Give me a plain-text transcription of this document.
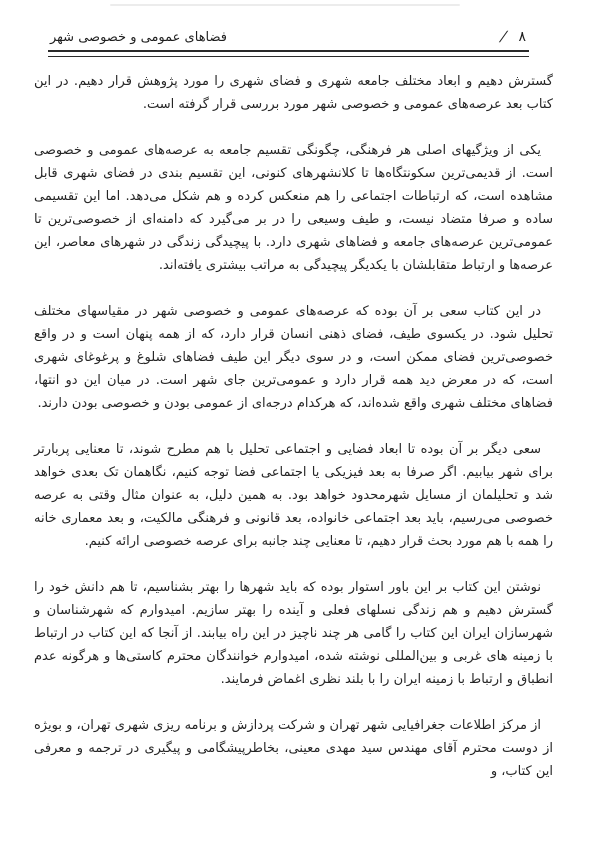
فضاهای عمومی و خصوصی شهر	/ ۸

گسترش دهیم و ابعاد مختلف جامعه شهری و فضای شهری را مورد پژوهش قرار دهیم. در این کتاب بعد عرصه‌های عمومی و خصوصی شهر مورد بررسی قرار گرفته است.

یکی از ویژگیهای اصلی هر فرهنگی، چگونگی تقسیم جامعه به عرصه‌های عمومی و خصوصی است. از قدیمی‌ترین سکونتگاه‌ها تا کلانشهرهای کنونی، این تقسیم بندی در فضای شهری قابل مشاهده است، که ارتباطات اجتماعی را هم منعکس کرده و هم شکل می‌دهد. اما این تقسیمی ساده و صرفا متضاد نیست، و طیف وسیعی را در بر می‌گیرد که دامنه‌ای از خصوصی‌ترین تا عمومی‌ترین عرصه‌های جامعه و فضاهای شهری دارد. با پیچیدگی زندگی در شهرهای معاصر، این عرصه‌ها و ارتباط متقابلشان با یکدیگر پیچیدگی به مراتب بیشتری یافته‌اند.

در این کتاب سعی بر آن بوده که عرصه‌های عمومی و خصوصی شهر در مقیاسهای مختلف تحلیل شود. در یکسوی طیف، فضای ذهنی انسان قرار دارد، که از همه پنهان است و در واقع خصوصی‌ترین فضای ممکن است، و در سوی دیگر این طیف فضاهای شلوغ و پرغوغای شهری است، که در معرض دید همه قرار دارد و عمومی‌ترین جای شهر است. در میان این دو انتها، فضاهای مختلف شهری واقع شده‌اند، که هرکدام درجه‌ای از عمومی بودن و خصوصی بودن دارند.

سعی دیگر بر آن بوده تا ابعاد فضایی و اجتماعی تحلیل با هم مطرح شوند، تا معنایی پربارتر برای شهر بیابیم. اگر صرفا به بعد فیزیکی یا اجتماعی فضا توجه کنیم، نگاهمان تک بعدی خواهد شد و تحلیلمان از مسایل شهرمحدود خواهد بود. به همین دلیل، به عنوان مثال وقتی به عرصه خصوصی می‌رسیم، باید بعد اجتماعی خانواده، بعد قانونی و فرهنگی مالکیت، و بعد معماری خانه را همه با هم مورد بحث قرار دهیم، تا معنایی چند جانبه برای عرصه خصوصی ارائه کنیم.

نوشتن این کتاب بر این باور استوار بوده که باید شهرها را بهتر بشناسیم، تا هم دانش خود را گسترش دهیم و هم زندگی نسلهای فعلی و آینده را بهتر سازیم. امیدوارم که شهرشناسان و شهرسازان ایران این کتاب را گامی هر چند ناچیز در این راه بیابند. از آنجا که این کتاب در ارتباط با زمینه های غربی و بین‌المللی نوشته شده، امیدوارم خوانندگان محترم کاستی‌ها و هرگونه عدم انطباق و ارتباط با زمینه ایران را با بلند نظری اغماض فرمایند.

از مرکز اطلاعات جغرافیایی شهر تهران و شرکت پردازش و برنامه ریزی شهری تهران، و بویژه از دوست محترم آقای مهندس سید مهدی معینی، بخاطرپیشگامی و پیگیری در ترجمه و معرفی این کتاب، و
